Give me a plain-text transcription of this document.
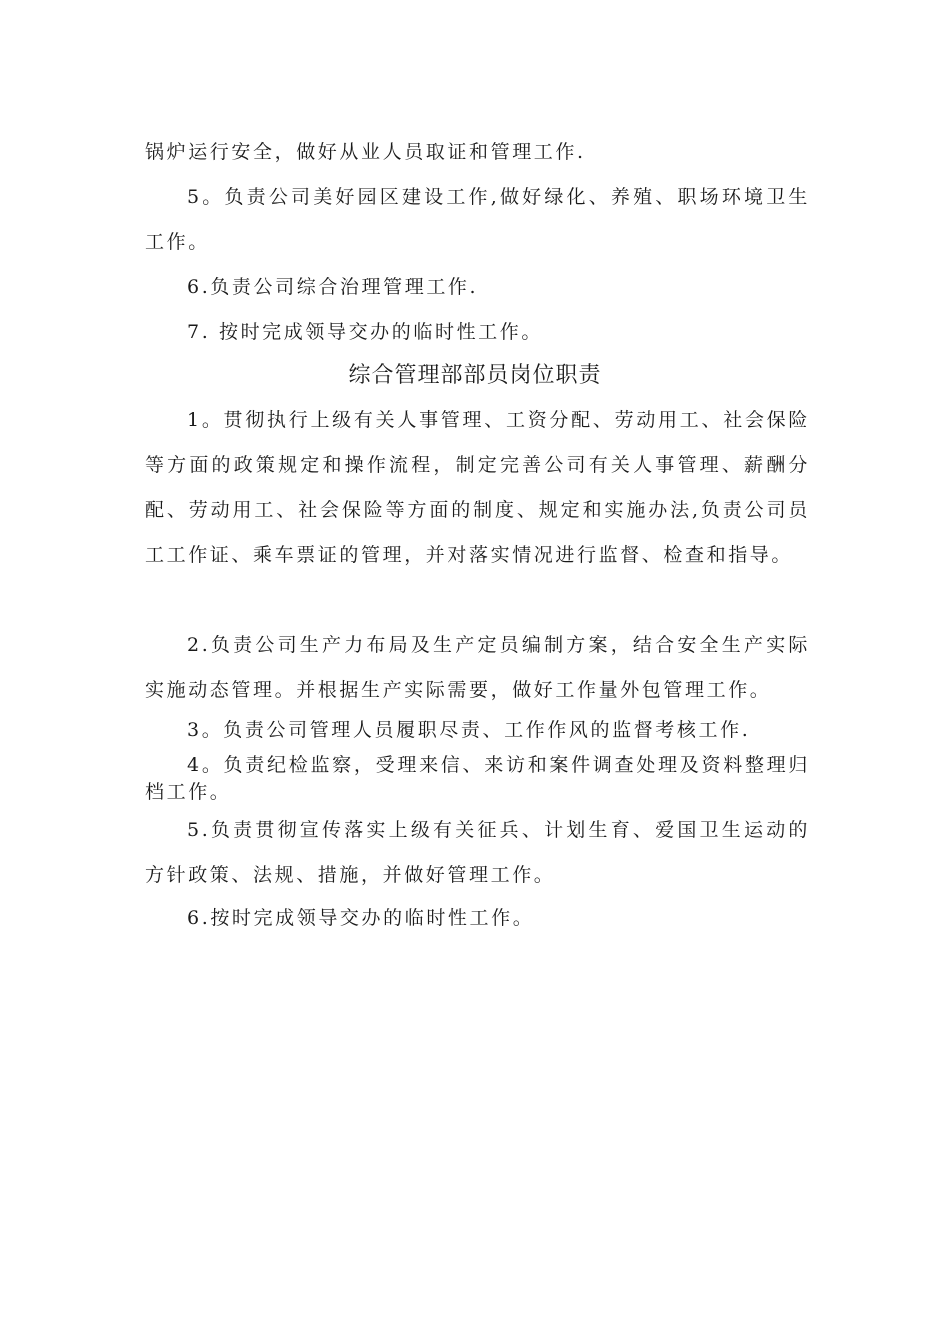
锅炉运行安全，做好从业人员取证和管理工作.

5。负责公司美好园区建设工作,做好绿化、养殖、职场环境卫生工作。

6.负责公司综合治理管理工作.

7. 按时完成领导交办的临时性工作。

综合管理部部员岗位职责

1。贯彻执行上级有关人事管理、工资分配、劳动用工、社会保险等方面的政策规定和操作流程，制定完善公司有关人事管理、薪酬分配、劳动用工、社会保险等方面的制度、规定和实施办法,负责公司员工工作证、乘车票证的管理，并对落实情况进行监督、检查和指导。

2.负责公司生产力布局及生产定员编制方案，结合安全生产实际实施动态管理。并根据生产实际需要，做好工作量外包管理工作。

3。负责公司管理人员履职尽责、工作作风的监督考核工作.

4。负责纪检监察，受理来信、来访和案件调查处理及资料整理归档工作。

5.负责贯彻宣传落实上级有关征兵、计划生育、爱国卫生运动的方针政策、法规、措施，并做好管理工作。

6.按时完成领导交办的临时性工作。
